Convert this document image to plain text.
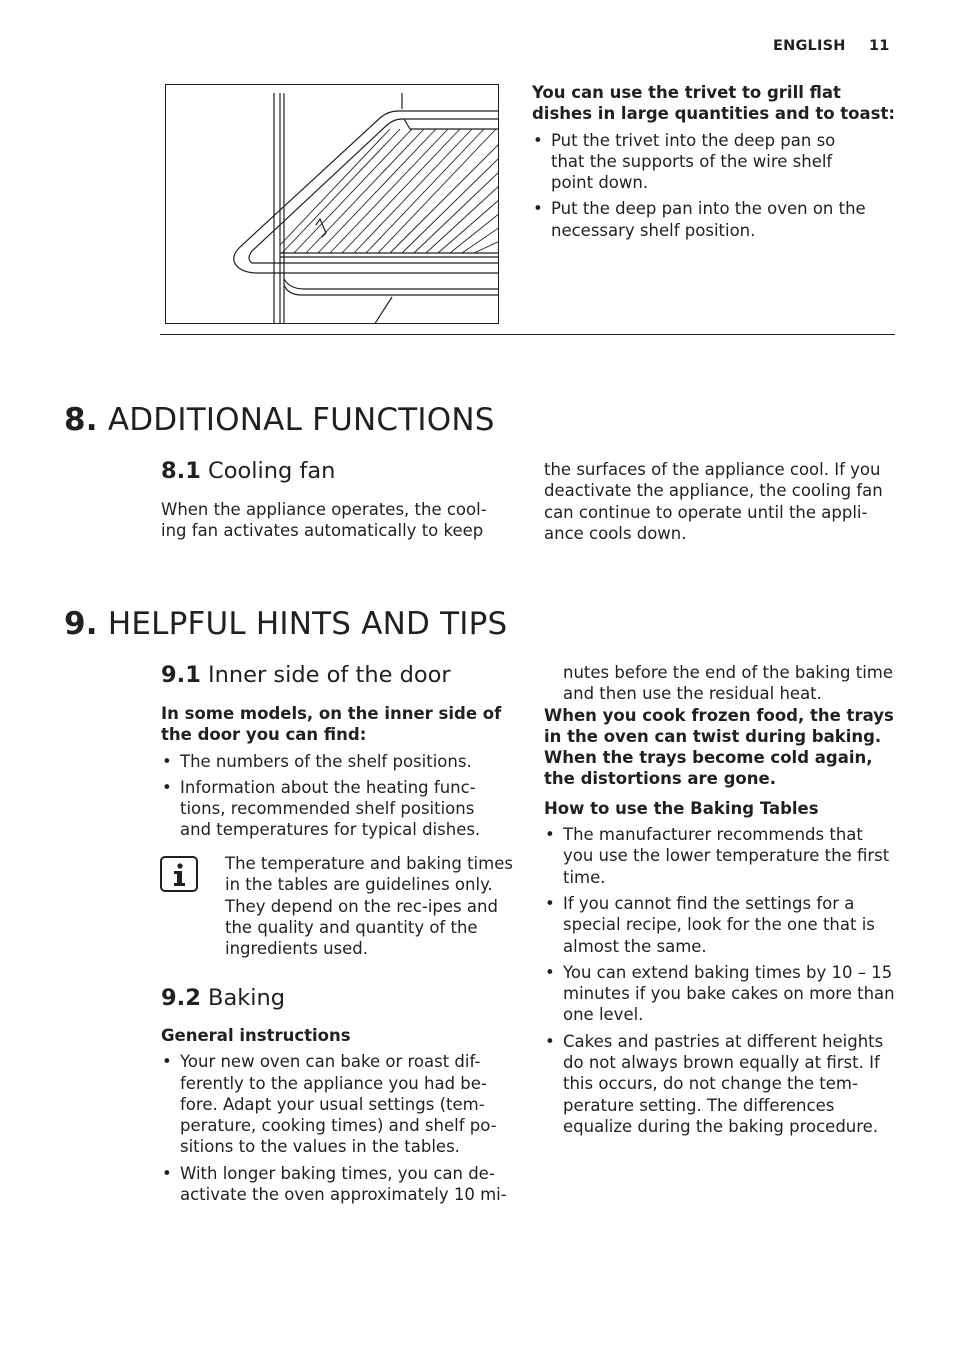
ENGLISH 11

You can use the trivet to grill flat dishes in large quantities and to toast:

• Put the trivet into the deep pan so that the supports of the wire shelf point down.
• Put the deep pan into the oven on the necessary shelf position.
8. ADDITIONAL FUNCTIONS
8.1 Cooling fan

When the appliance operates, the cool-ing fan activates automatically to keep

the surfaces of the appliance cool. If you deactivate the appliance, the cooling fan can continue to operate until the appli-ance cools down.

9. HELPFUL HINTS AND TIPS
9.1 Inner side of the door

In some models, on the inner side of the door you can find:

• The numbers of the shelf positions.
• Information about the heating func-tions, recommended shelf positions and temperatures for typical dishes.

The temperature and baking times in the tables are guidelines only. They depend on the rec-ipes and the quality and quantity of the ingredients used.

9.2 Baking

General instructions

• Your new oven can bake or roast dif-ferently to the appliance you had be-fore. Adapt your usual settings (tem-perature, cooking times) and shelf po-sitions to the values in the tables.
• With longer baking times, you can de-activate the oven approximately 10 mi-

nutes before the end of the baking time and then use the residual heat.

When you cook frozen food, the trays in the oven can twist during baking. When the trays become cold again, the distortions are gone.

How to use the Baking Tables

• The manufacturer recommends that you use the lower temperature the first time.
• If you cannot find the settings for a special recipe, look for the one that is almost the same.
• You can extend baking times by 10 – 15 minutes if you bake cakes on more than one level.
• Cakes and pastries at different heights do not always brown equally at first. If this occurs, do not change the tem-perature setting. The differences equalize during the baking procedure.
